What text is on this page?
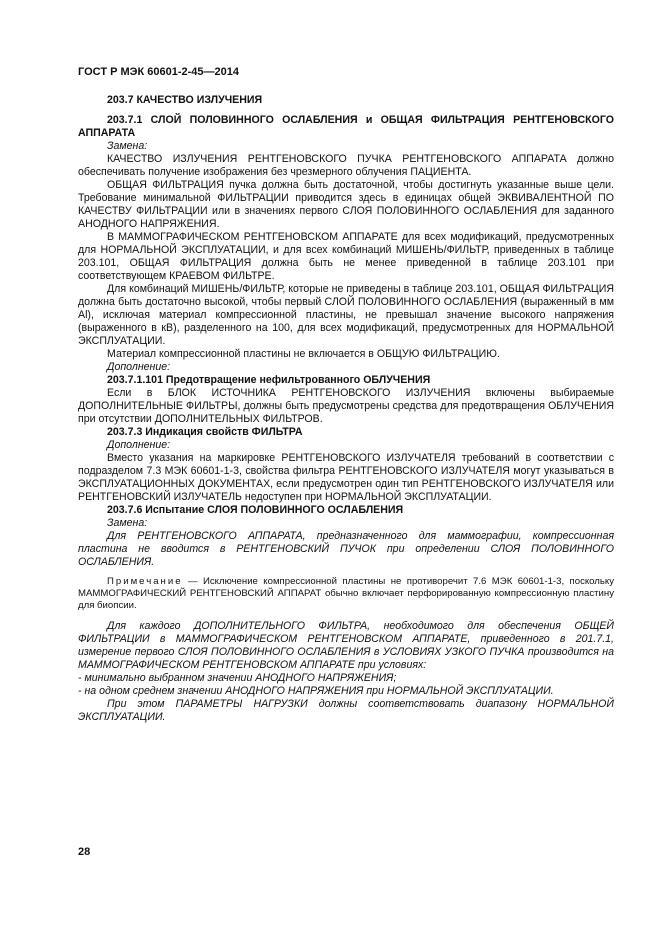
ГОСТ Р МЭК 60601-2-45—2014

203.7 КАЧЕСТВО ИЗЛУЧЕНИЯ

203.7.1 СЛОЙ ПОЛОВИННОГО ОСЛАБЛЕНИЯ и ОБЩАЯ ФИЛЬТРАЦИЯ РЕНТГЕНОВСКОГО АППАРАТА

Замена:

КАЧЕСТВО ИЗЛУЧЕНИЯ РЕНТГЕНОВСКОГО ПУЧКА РЕНТГЕНОВСКОГО АППАРАТА должно обеспечивать получение изображения без чрезмерного облучения ПАЦИЕНТА.

ОБЩАЯ ФИЛЬТРАЦИЯ пучка должна быть достаточной, чтобы достигнуть указанные выше цели. Требование минимальной ФИЛЬТРАЦИИ приводится здесь в единицах общей ЭКВИВАЛЕНТНОЙ ПО КАЧЕСТВУ ФИЛЬТРАЦИИ или в значениях первого СЛОЯ ПОЛОВИННОГО ОСЛАБЛЕНИЯ для заданного АНОДНОГО НАПРЯЖЕНИЯ.

В МАММОГРАФИЧЕСКОМ РЕНТГЕНОВСКОМ АППАРАТЕ для всех модификаций, предусмотренных для НОРМАЛЬНОЙ ЭКСПЛУАТАЦИИ, и для всех комбинаций МИШЕНЬ/ФИЛЬТР, приведенных в таблице 203.101, ОБЩАЯ ФИЛЬТРАЦИЯ должна быть не менее приведенной в таблице 203.101 при соответствующем КРАЕВОМ ФИЛЬТРЕ.

Для комбинаций МИШЕНЬ/ФИЛЬТР, которые не приведены в таблице 203.101, ОБЩАЯ ФИЛЬТРАЦИЯ должна быть достаточно высокой, чтобы первый СЛОЙ ПОЛОВИННОГО ОСЛАБЛЕНИЯ (выраженный в мм Al), исключая материал компрессионной пластины, не превышал значение высокого напряжения (выраженного в кВ), разделенного на 100, для всех модификаций, предусмотренных для НОРМАЛЬНОЙ ЭКСПЛУАТАЦИИ.

Материал компрессионной пластины не включается в ОБЩУЮ ФИЛЬТРАЦИЮ.

Дополнение:

203.7.1.101 Предотвращение нефильтрованного ОБЛУЧЕНИЯ

Если в БЛОК ИСТОЧНИКА РЕНТГЕНОВСКОГО ИЗЛУЧЕНИЯ включены выбираемые ДОПОЛНИТЕЛЬНЫЕ ФИЛЬТРЫ, должны быть предусмотрены средства для предотвращения ОБЛУЧЕНИЯ при отсутствии ДОПОЛНИТЕЛЬНЫХ ФИЛЬТРОВ.

203.7.3 Индикация свойств ФИЛЬТРА

Дополнение:

Вместо указания на маркировке РЕНТГЕНОВСКОГО ИЗЛУЧАТЕЛЯ требований в соответствии с подразделом 7.3 МЭК 60601-1-3, свойства фильтра РЕНТГЕНОВСКОГО ИЗЛУЧАТЕЛЯ могут указываться в ЭКСПЛУАТАЦИОННЫХ ДОКУМЕНТАХ, если предусмотрен один тип РЕНТГЕНОВСКОГО ИЗЛУЧАТЕЛЯ или РЕНТГЕНОВСКИЙ ИЗЛУЧАТЕЛЬ недоступен при НОРМАЛЬНОЙ ЭКСПЛУАТАЦИИ.

203.7.6 Испытание СЛОЯ ПОЛОВИННОГО ОСЛАБЛЕНИЯ

Замена:

Для РЕНТГЕНОВСКОГО АППАРАТА, предназначенного для маммографии, компрессионная пластина не вводится в РЕНТГЕНОВСКИЙ ПУЧОК при определении СЛОЯ ПОЛОВИННОГО ОСЛАБЛЕНИЯ.

Примечание — Исключение компрессионной пластины не противоречит 7.6 МЭК 60601-1-3, поскольку МАММОГРАФИЧЕСКИЙ РЕНТГЕНОВСКИЙ АППАРАТ обычно включает перфорированную компрессионную пластину для биопсии.

Для каждого ДОПОЛНИТЕЛЬНОГО ФИЛЬТРА, необходимого для обеспечения ОБЩЕЙ ФИЛЬТРАЦИИ в МАММОГРАФИЧЕСКОМ РЕНТГЕНОВСКОМ АППАРАТЕ, приведенного в 201.7.1, измерение первого СЛОЯ ПОЛОВИННОГО ОСЛАБЛЕНИЯ в УСЛОВИЯХ УЗКОГО ПУЧКА производится на МАММОГРАФИЧЕСКОМ РЕНТГЕНОВСКОМ АППАРАТЕ при условиях:

- минимально выбранном значении АНОДНОГО НАПРЯЖЕНИЯ;

- на одном среднем значении АНОДНОГО НАПРЯЖЕНИЯ при НОРМАЛЬНОЙ ЭКСПЛУАТАЦИИ.

При этом ПАРАМЕТРЫ НАГРУЗКИ должны соответствовать диапазону НОРМАЛЬНОЙ ЭКСПЛУАТАЦИИ.

28
